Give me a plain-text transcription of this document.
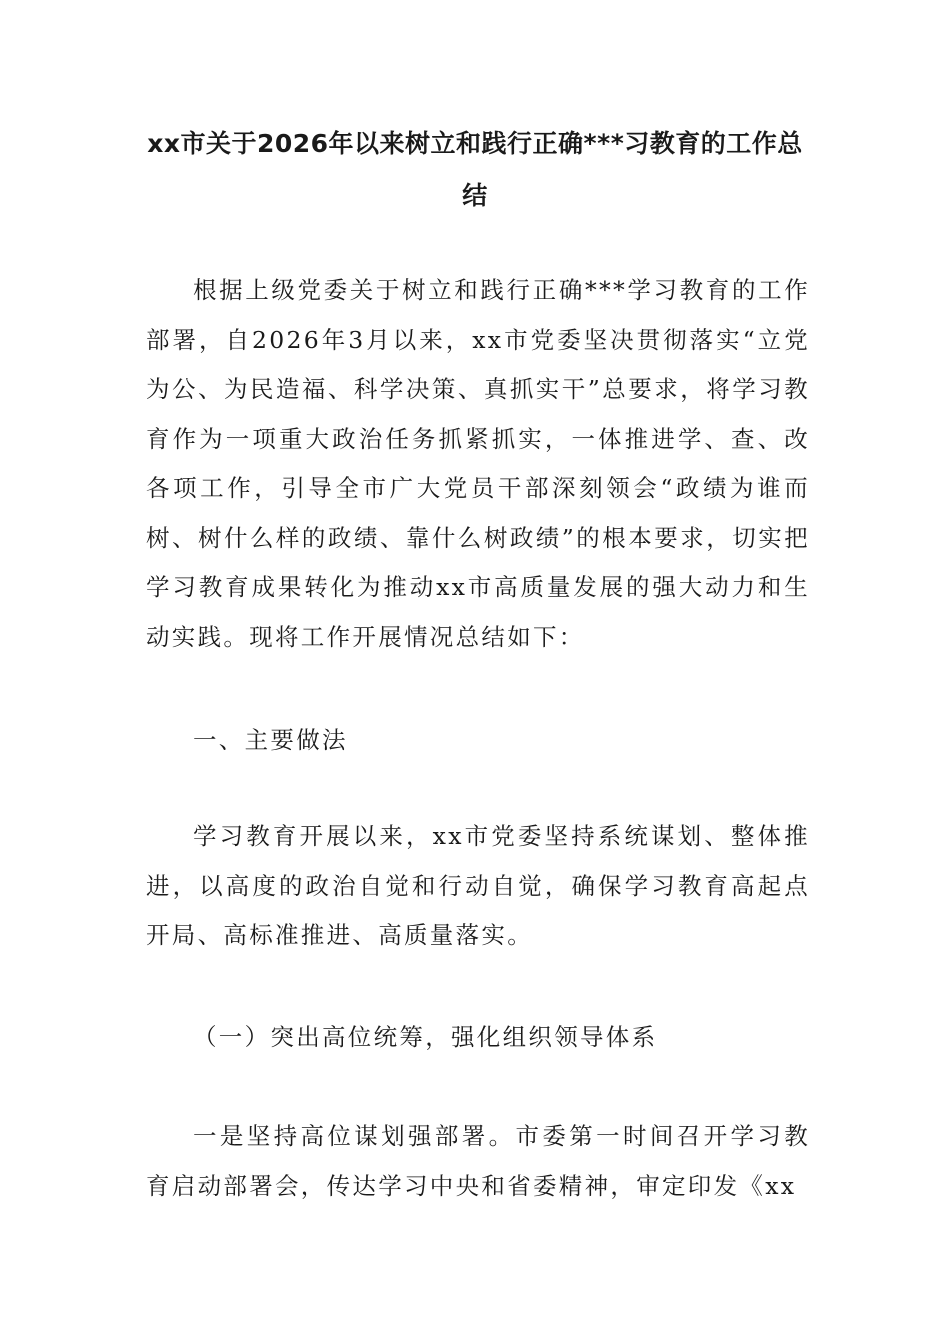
xx市关于2026年以来树立和践行正确***习教育的工作总结

根据上级党委关于树立和践行正确***学习教育的工作部署，自2026年3月以来，xx市党委坚决贯彻落实“立党为公、为民造福、科学决策、真抓实干”总要求，将学习教育作为一项重大政治任务抓紧抓实，一体推进学、查、改各项工作，引导全市广大党员干部深刻领会“政绩为谁而树、树什么样的政绩、靠什么树政绩”的根本要求，切实把学习教育成果转化为推动xx市高质量发展的强大动力和生动实践。现将工作开展情况总结如下：

一、主要做法

学习教育开展以来，xx市党委坚持系统谋划、整体推进，以高度的政治自觉和行动自觉，确保学习教育高起点开局、高标准推进、高质量落实。

（一）突出高位统筹，强化组织领导体系

一是坚持高位谋划强部署。市委第一时间召开学习教育启动部署会，传达学习中央和省委精神，审定印发《xx
